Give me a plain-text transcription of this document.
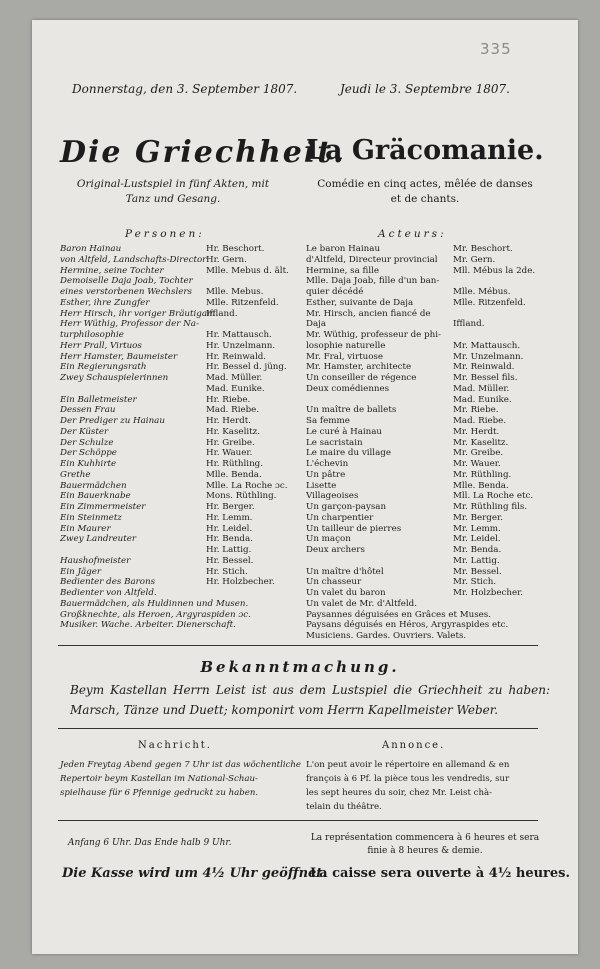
335
Donnerstag, den 3. September 1807.	Jeudi le 3. Septembre 1807.
Die Griechheit.
La Gräcomanie.
Original-Lustspiel in fünf Akten, mit
Tanz und Gesang.
Comédie en cinq actes, mêlée de danses
et de chants.
Personen:	Acteurs:
Baron Hainau	Hr. Beschort.
von Altfeld, Landschafts-Director Hr. Gern.
Hermine, seine Tochter	Mlle. Mebus d. ält.
Demoiselle Daja Joab, Tochter
eines verstorbenen Wechslers Mlle. Mebus.
Esther, ihre Zungfer	Mlle. Ritzenfeld.
Herr Hirsch, ihr voriger Bräutigam
Iffland.
Herr Wüthig, Professor der Na-
turphilosophie	Hr. Mattausch.
Herr Prall, Virtuos	Hr. Unzelmann.
Herr Hamster, Baumeister	Hr. Reinwald.
Ein Regierungsrath	Hr. Bessel d. jüng.
Zwey Schauspielerinnen	Mad. Müller.
Mad. Eunike.
Ein Balletmeister	Hr. Riebe.
Dessen Frau	Mad. Riebe.
Der Prediger zu Hainau	Hr. Herdt.
Der Küster	Hr. Kaselitz.
Der Schulze	Hr. Greibe.
Der Schöppe	Hr. Wauer.
Ein Kuhhirte	Hr. Rüthling.
Grethe	Mlle. Benda.
Bauermädchen	Mlle. La Roche ɔc.
Ein Bauerknabe	Mons. Rüthling.
Ein Zimmermeister	Hr. Berger.
Ein Steinmetz	Hr. Lemm.
Ein Maurer	Hr. Leidel.
Zwey Landreuter	Hr. Benda.
Hr. Lattig.
Haushofmeister	Hr. Bessel.
Ein Jäger	Hr. Stich.
Bedienter des Barons	Hr. Holzbecher.
Bedienter von Altfeld.
Bauermädchen, als Huldinnen und Musen.
Großknechte, als Heroen, Argyraspiden ɔc.
Musiker. Wache. Arbeiter. Dienerschaft.
Le baron Hainau	Mr. Beschort.
d'Altfeld, Directeur provincial Mr. Gern.
Hermine, sa fille	Mll. Mébus la 2de.
Mlle. Daja Joab, fille d'un ban-
quier décédé	Mlle. Mébus.
Esther, suivante de Daja	Mlle. Ritzenfeld.
Mr. Hirsch, ancien fiancé de
Daja	Iffland.
Mr. Wüthig, professeur de phi-
losophie naturelle	Mr. Mattausch.
Mr. Fral, virtuose	Mr. Unzelmann.
Mr. Hamster, architecte	Mr. Reinwald.
Un conseiller de régence	Mr. Bessel fils.
Deux comédiennes	Mad. Müller.
Mad. Eunike.
Un maître de ballets	Mr. Riebe.
Sa femme	Mad. Riebe.
Le curé à Hainau	Mr. Herdt.
Le sacristain	Mr. Kaselitz.
Le maire du village	Mr. Greibe.
L'échevin	Mr. Wauer.
Un pâtre	Mr. Rüthling.
Lisette	Mlle. Benda.
Villageoises	Mll. La Roche etc.
Un garçon-paysan	Mr. Rüthling fils.
Un charpentier	Mr. Berger.
Un tailleur de pierres	Mr. Lemm.
Un maçon	Mr. Leidel.
Deux archers	Mr. Benda.
Mr. Lattig.
Un maître d'hôtel	Mr. Bessel.
Un chasseur	Mr. Stich.
Un valet du baron	Mr. Holzbecher.
Un valet de Mr. d'Altfeld.
Paysannes déguisées en Grâces et Muses.
Paysans déguisés en Héros, Argyraspides etc.
Musiciens. Gardes. Ouvriers. Valets.
Bekanntmachung.
Beym Kastellan Herrn Leist ist aus dem Lustspiel die Griechheit zu haben: Marsch, Tänze und Duett; komponirt vom Herrn Kapellmeister Weber.
Nachricht.	Annonce.
Jeden Freytag Abend gegen 7 Uhr ist das wöchentliche
Repertoir beym Kastellan im National-Schau-
spielhause für 6 Pfennige gedruckt zu haben.
L'on peut avoir le répertoire en allemand & en
françois à 6 Pf. la pièce tous les vendredis, sur
les sept heures du soir, chez Mr. Leist chà-
telain du théâtre.
Anfang 6 Uhr. Das Ende halb 9 Uhr.	La représentation commencera à 6 heures et sera
finie à 8 heures & demie.
Die Kasse wird um 4½ Uhr geöffnet.
La caisse sera ouverte à 4½ heures.
